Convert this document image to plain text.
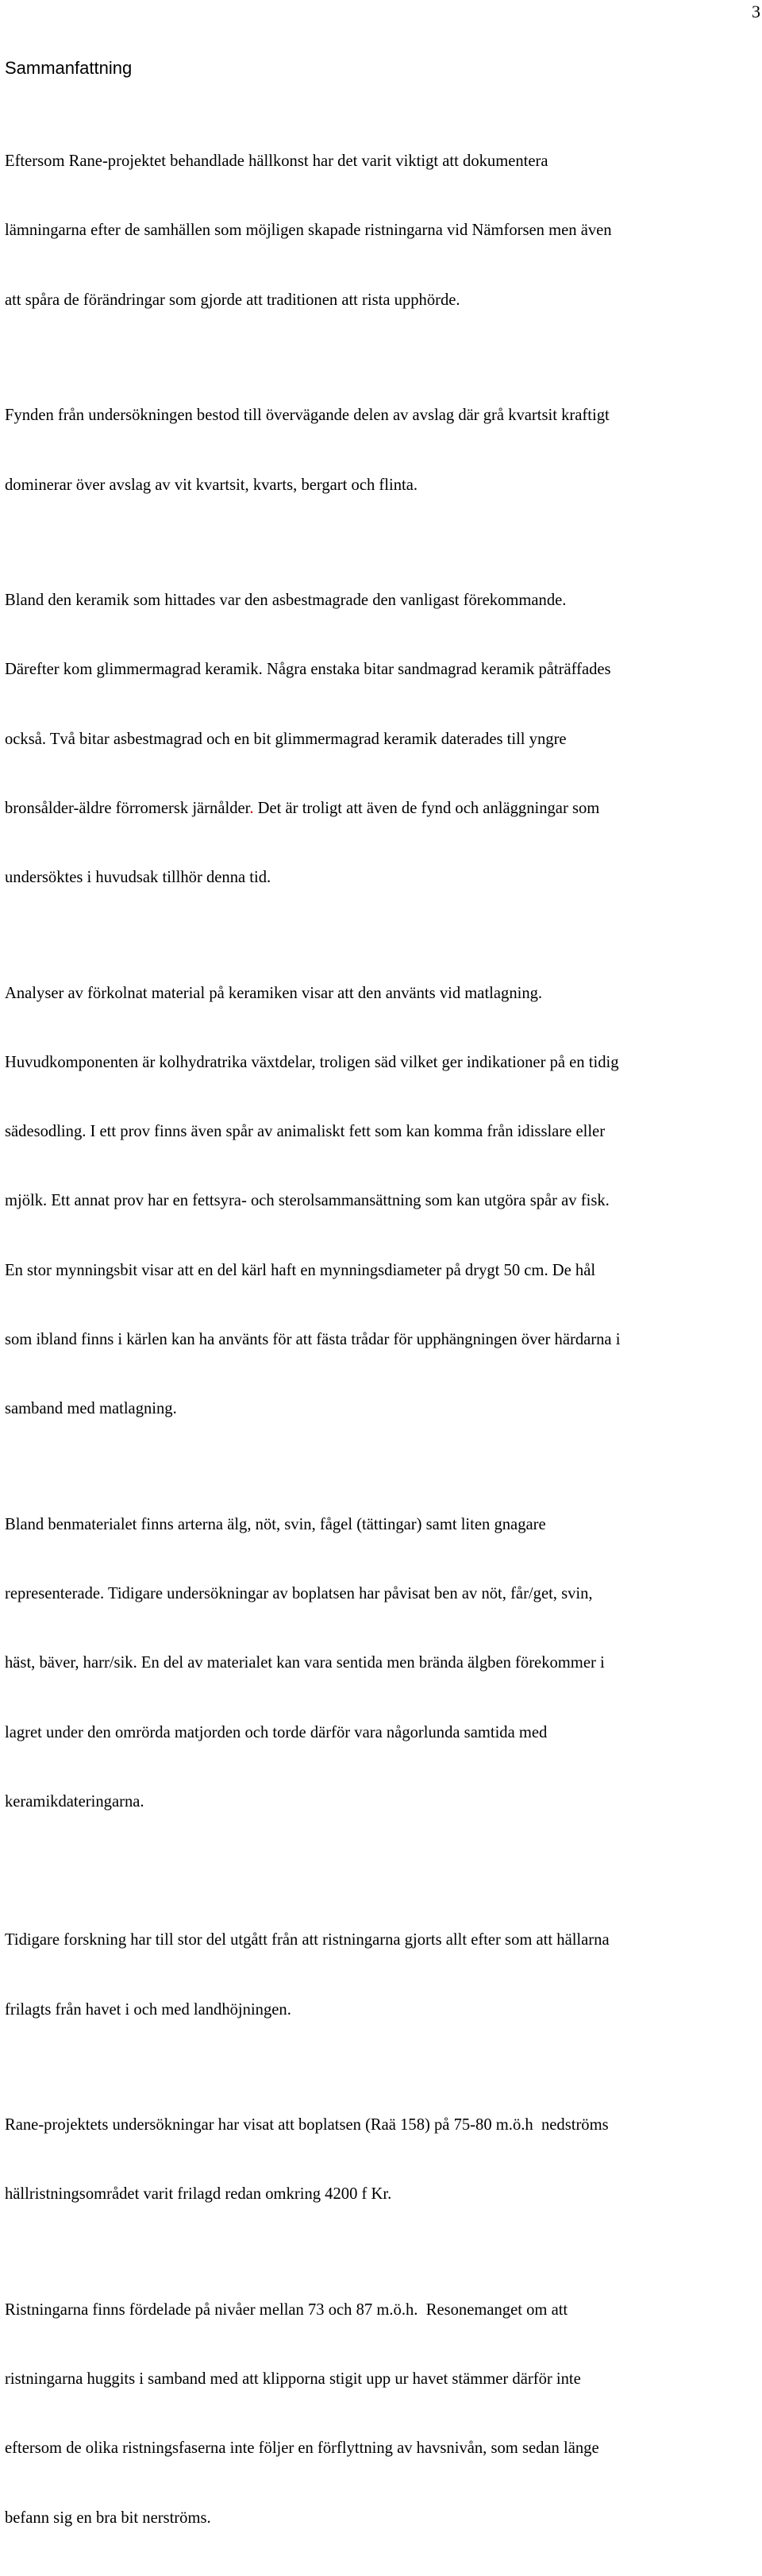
3
Sammanfattning

Eftersom Rane-projektet behandlade hällkonst har det varit viktigt att dokumentera

lämningarna efter de samhällen som möjligen skapade ristningarna vid Nämforsen men även

att spåra de förändringar som gjorde att traditionen att rista upphörde.

Fynden från undersökningen bestod till övervägande delen av avslag där grå kvartsit kraftigt

dominerar över avslag av vit kvartsit, kvarts, bergart och flinta.

Bland den keramik som hittades var den asbestmagrade den vanligast förekommande.

Därefter kom glimmermagrad keramik. Några enstaka bitar sandmagrad keramik påträffades

också. Två bitar asbestmagrad och en bit glimmermagrad keramik daterades till yngre

bronsålder-äldre förromersk järnålder. Det är troligt att även de fynd och anläggningar som

undersöktes i huvudsak tillhör denna tid.

Analyser av förkolnat material på keramiken visar att den använts vid matlagning.

Huvudkomponenten är kolhydratrika växtdelar, troligen säd vilket ger indikationer på en tidig

sädesodling. I ett prov finns även spår av animaliskt fett som kan komma från idisslare eller

mjölk. Ett annat prov har en fettsyra- och sterolsammansättning som kan utgöra spår av fisk.

En stor mynningsbit visar att en del kärl haft en mynningsdiameter på drygt 50 cm. De hål

som ibland finns i kärlen kan ha använts för att fästa trådar för upphängningen över härdarna i

samband med matlagning.

Bland benmaterialet finns arterna älg, nöt, svin, fågel (tättingar) samt liten gnagare

representerade. Tidigare undersökningar av boplatsen har påvisat ben av nöt, får/get, svin,

häst, bäver, harr/sik. En del av materialet kan vara sentida men brända älgben förekommer i

lagret under den omrörda matjorden och torde därför vara någorlunda samtida med

keramikdateringarna.

Tidigare forskning har till stor del utgått från att ristningarna gjorts allt efter som att hällarna

frilagts från havet i och med landhöjningen.

Rane-projektets undersökningar har visat att boplatsen (Raä 158) på 75-80 m.ö.h  nedströms

hällristningsområdet varit frilagd redan omkring 4200 f Kr.

Ristningarna finns fördelade på nivåer mellan 73 och 87 m.ö.h.  Resonemanget om att

ristningarna huggits i samband med att klipporna stigit upp ur havet stämmer därför inte

eftersom de olika ristningsfaserna inte följer en förflyttning av havsnivån, som sedan länge

befann sig en bra bit nerströms.
